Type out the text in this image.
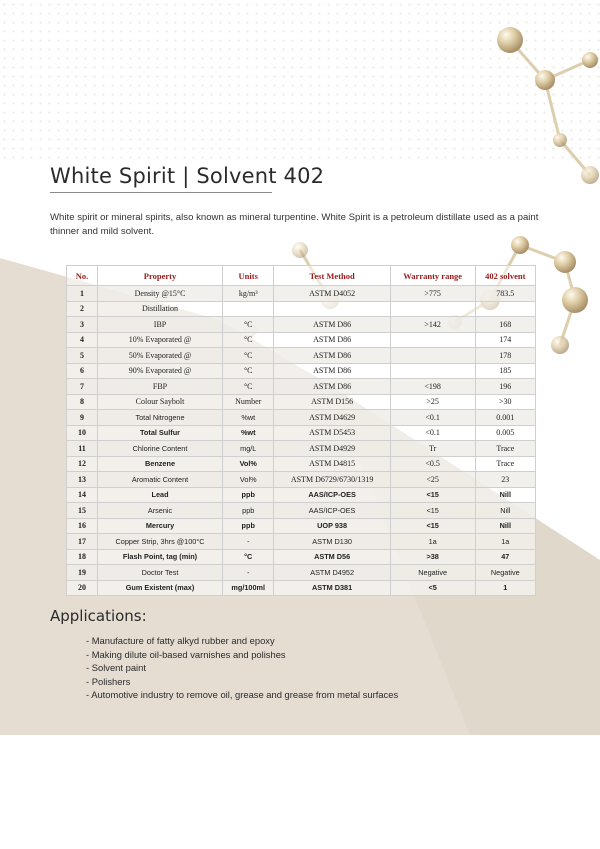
White Spirit | Solvent 402

White spirit or mineral spirits, also known as mineral turpentine. White Spirit is a petroleum distillate used as a paint thinner and mild solvent.

No.	Property	Units	Test Method	Warranty range	402 solvent
1	Density @15°C	kg/m³	ASTM D4052	>775	783.5
2	Distillation				
3	IBP	°C	ASTM D86	>142	168
4	10% Evaporated @	°C	ASTM D86		174
5	50% Evaporated @	°C	ASTM D86		178
6	90% Evaporated @	°C	ASTM D86		185
7	FBP	°C	ASTM D86	<198	196
8	Colour Saybolt	Number	ASTM D156	>25	>30
9	Total Nitrogene	%wt	ASTM D4629	<0.1	0.001
10	Total Sulfur	%wt	ASTM D5453	<0.1	0.005
11	Chlorine Content	mg/L	ASTM D4929	Tr	Trace
12	Benzene	Vol%	ASTM D4815	<0.5	Trace
13	Aromatic Content	Vol%	ASTM D6729/6730/1319	<25	23
14	Lead	ppb	AAS/ICP-OES	<15	Nill
15	Arsenic	ppb	AAS/ICP-OES	<15	Nill
16	Mercury	ppb	UOP 938	<15	Nill
17	Copper Strip, 3hrs @100°C	-	ASTM D130	1a	1a
18	Flash Point, tag (min)	°C	ASTM D56	>38	47
19	Doctor Test	-	ASTM D4952	Negative	Negative
20	Gum Existent (max)	mg/100ml	ASTM D381	<5	1
Applications:
- Manufacture of fatty alkyd rubber and epoxy
- Making dilute oil-based varnishes and polishes
- Solvent paint
- Polishers
- Automotive industry to remove oil, grease and grease from metal surfaces
